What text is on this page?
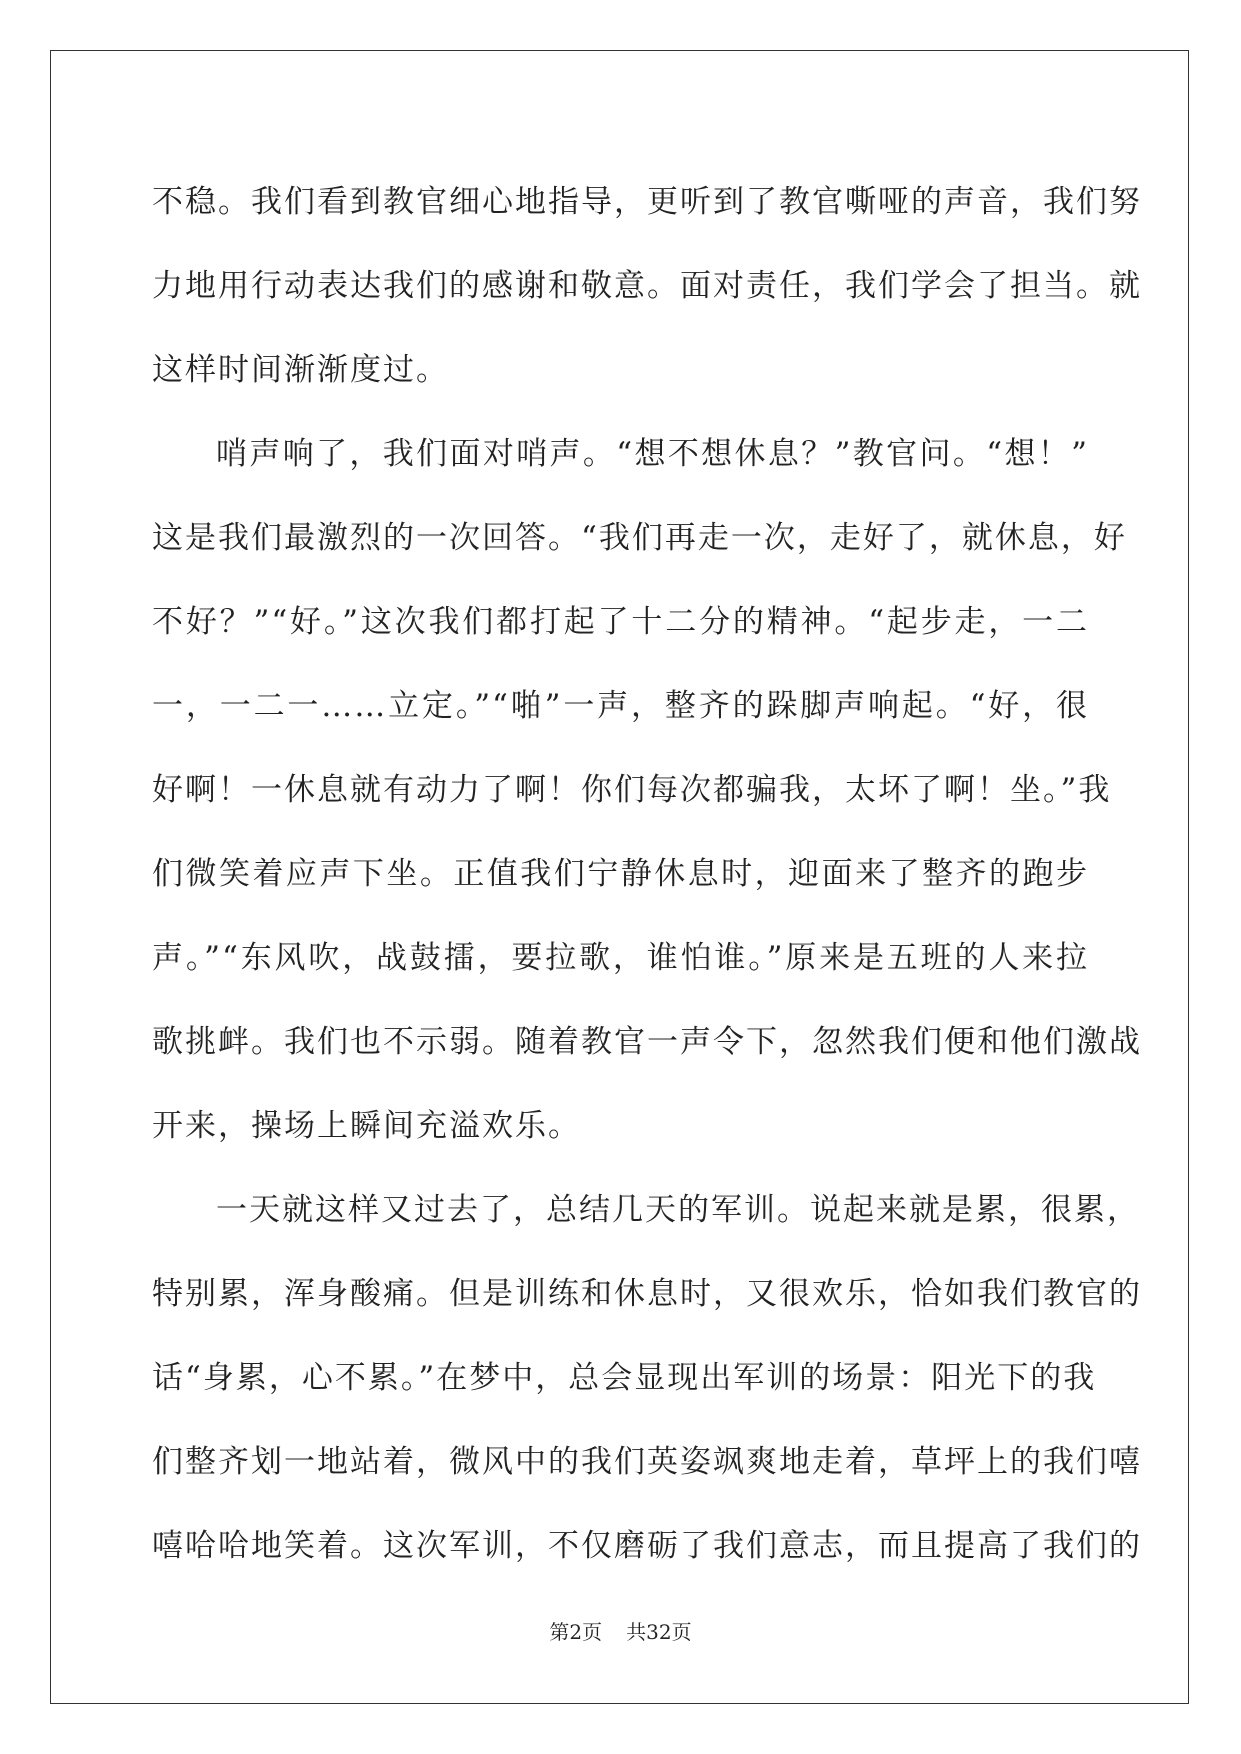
不稳。我们看到教官细心地指导，更听到了教官嘶哑的声音，我们努
力地用行动表达我们的感谢和敬意。面对责任，我们学会了担当。就
这样时间渐渐度过。
哨声响了，我们面对哨声。“想不想休息？”教官问。“想！”
这是我们最激烈的一次回答。“我们再走一次，走好了，就休息，好
不好？”“好。”这次我们都打起了十二分的精神。“起步走，一二
一，一二一……立定。”“啪”一声，整齐的跺脚声响起。“好，很
好啊！一休息就有动力了啊！你们每次都骗我，太坏了啊！坐。”我
们微笑着应声下坐。正值我们宁静休息时，迎面来了整齐的跑步
声。”“东风吹，战鼓擂，要拉歌，谁怕谁。”原来是五班的人来拉
歌挑衅。我们也不示弱。随着教官一声令下，忽然我们便和他们激战
开来，操场上瞬间充溢欢乐。
一天就这样又过去了，总结几天的军训。说起来就是累，很累，
特别累，浑身酸痛。但是训练和休息时，又很欢乐，恰如我们教官的
话“身累，心不累。”在梦中，总会显现出军训的场景：阳光下的我
们整齐划一地站着，微风中的我们英姿飒爽地走着，草坪上的我们嘻
嘻哈哈地笑着。这次军训，不仅磨砺了我们意志，而且提高了我们的
第2页 共32页
